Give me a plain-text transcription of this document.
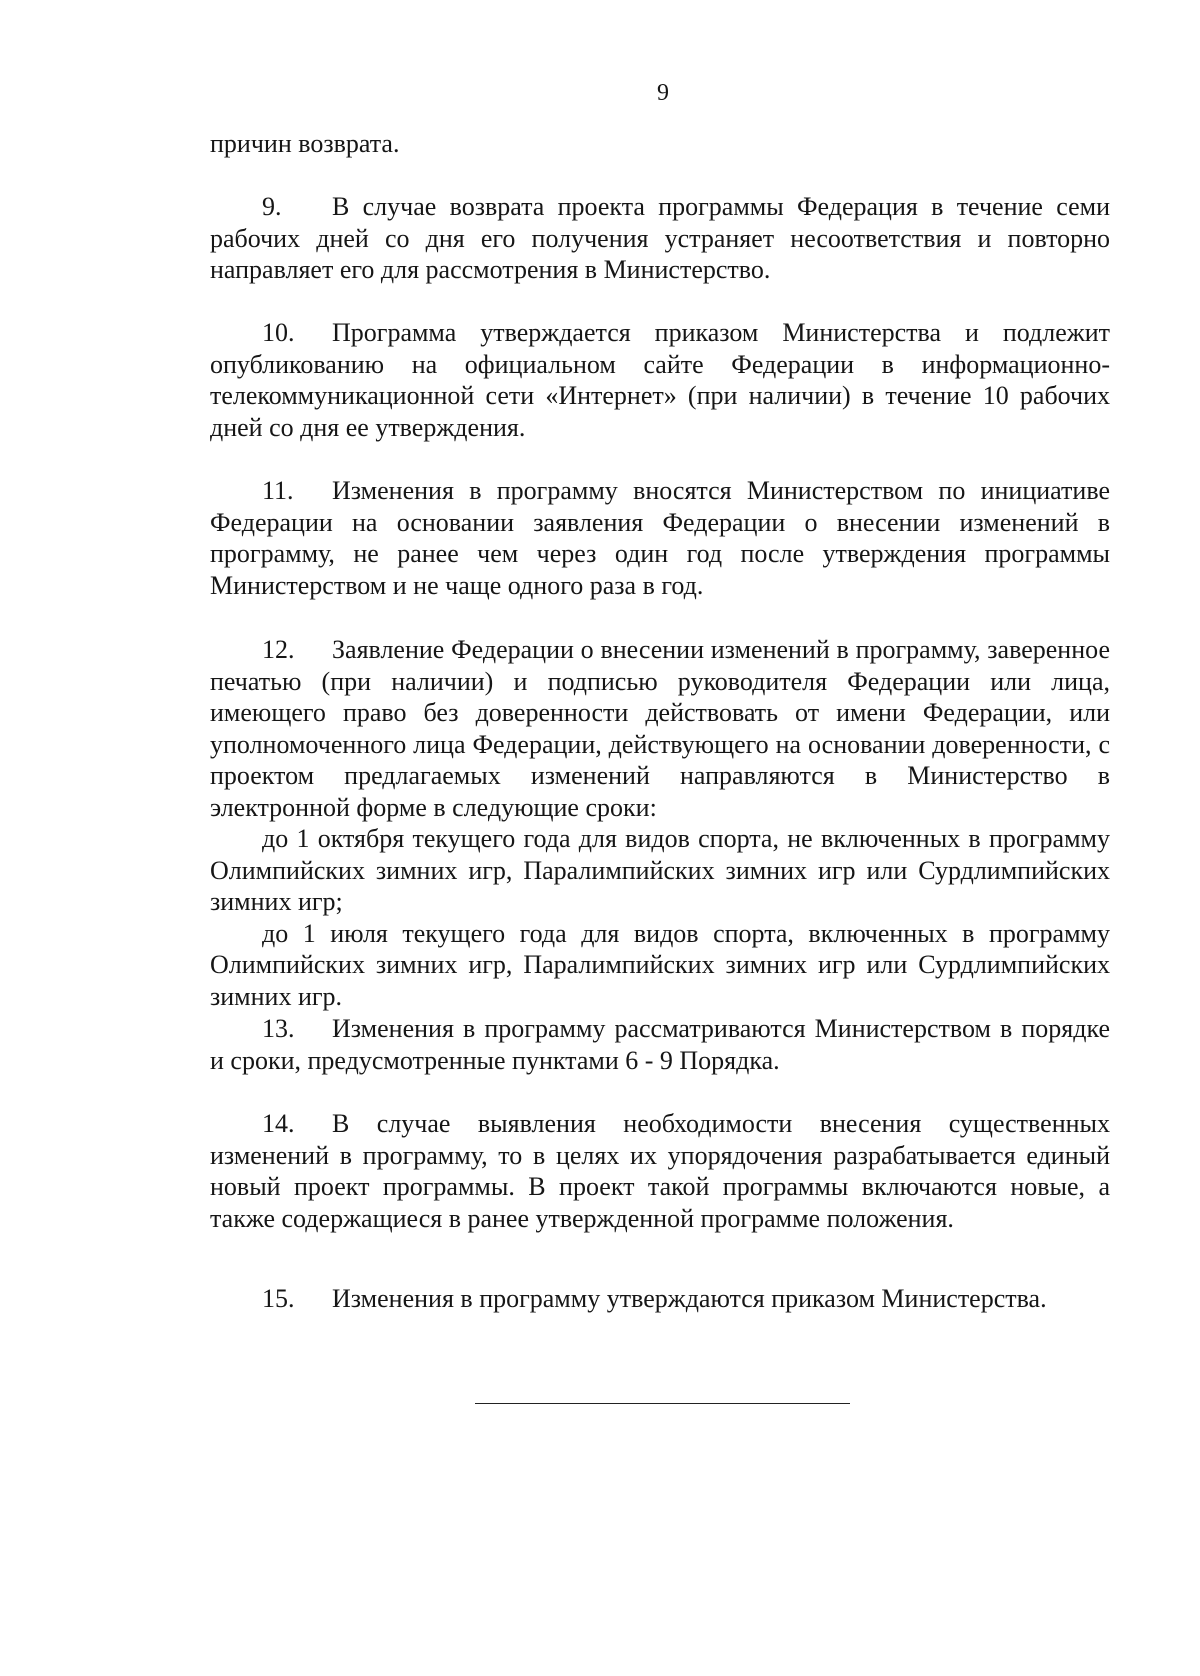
9

причин возврата.

9. В случае возврата проекта программы Федерация в течение семи рабочих дней со дня его получения устраняет несоответствия и повторно направляет его для рассмотрения в Министерство.

10. Программа утверждается приказом Министерства и подлежит опубликованию на официальном сайте Федерации в информационно-телекоммуникационной сети «Интернет» (при наличии) в течение 10 рабочих дней со дня ее утверждения.

11. Изменения в программу вносятся Министерством по инициативе Федерации на основании заявления Федерации о внесении изменений в программу, не ранее чем через один год после утверждения программы Министерством и не чаще одного раза в год.

12. Заявление Федерации о внесении изменений в программу, заверенное печатью (при наличии) и подписью руководителя Федерации или лица, имеющего право без доверенности действовать от имени Федерации, или уполномоченного лица Федерации, действующего на основании доверенности, с проектом предлагаемых изменений направляются в Министерство в электронной форме в следующие сроки:

до 1 октября текущего года для видов спорта, не включенных в программу Олимпийских зимних игр, Паралимпийских зимних игр или Сурдлимпийских зимних игр;

до 1 июля текущего года для видов спорта, включенных в программу Олимпийских зимних игр, Паралимпийских зимних игр или Сурдлимпийских зимних игр.

13. Изменения в программу рассматриваются Министерством в порядке и сроки, предусмотренные пунктами 6 - 9 Порядка.

14. В случае выявления необходимости внесения существенных изменений в программу, то в целях их упорядочения разрабатывается единый новый проект программы. В проект такой программы включаются новые, а также содержащиеся в ранее утвержденной программе положения.

15. Изменения в программу утверждаются приказом Министерства.
